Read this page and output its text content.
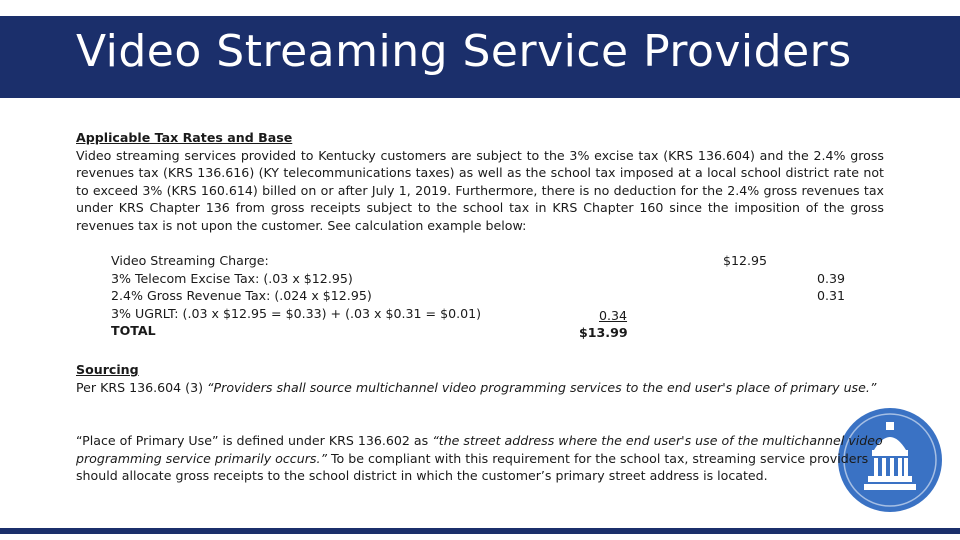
Video Streaming Service Providers

Applicable Tax Rates and Base

Video streaming services provided to Kentucky customers are subject to the 3% excise tax (KRS 136.604) and the 2.4% gross revenues tax (KRS 136.616) (KY telecommunications taxes) as well as the school tax imposed at a local school district rate not to exceed 3% (KRS 160.614) billed on or after July 1, 2019. Furthermore, there is no deduction for the 2.4% gross revenues tax under KRS Chapter 136 from gross receipts subject to the school tax in KRS Chapter 160 since the imposition of the gross revenues tax is not upon the customer. See calculation example below:

Video Streaming Charge:	$12.95
3% Telecom Excise Tax: (.03 x $12.95)	0.39
2.4% Gross Revenue Tax: (.024 x $12.95)	0.31
3% UGRLT: (.03 x $12.95 = $0.33) + (.03 x $0.31 = $0.01)	0.34
TOTAL	$13.99

Sourcing

Per KRS 136.604 (3) “Providers shall source multichannel video programming services to the end user's place of primary use.”

“Place of Primary Use” is defined under KRS 136.602 as “the street address where the end user's use of the multichannel video programming service primarily occurs.” To be compliant with this requirement for the school tax, streaming service providers should allocate gross receipts to the school district in which the customer’s primary street address is located.
